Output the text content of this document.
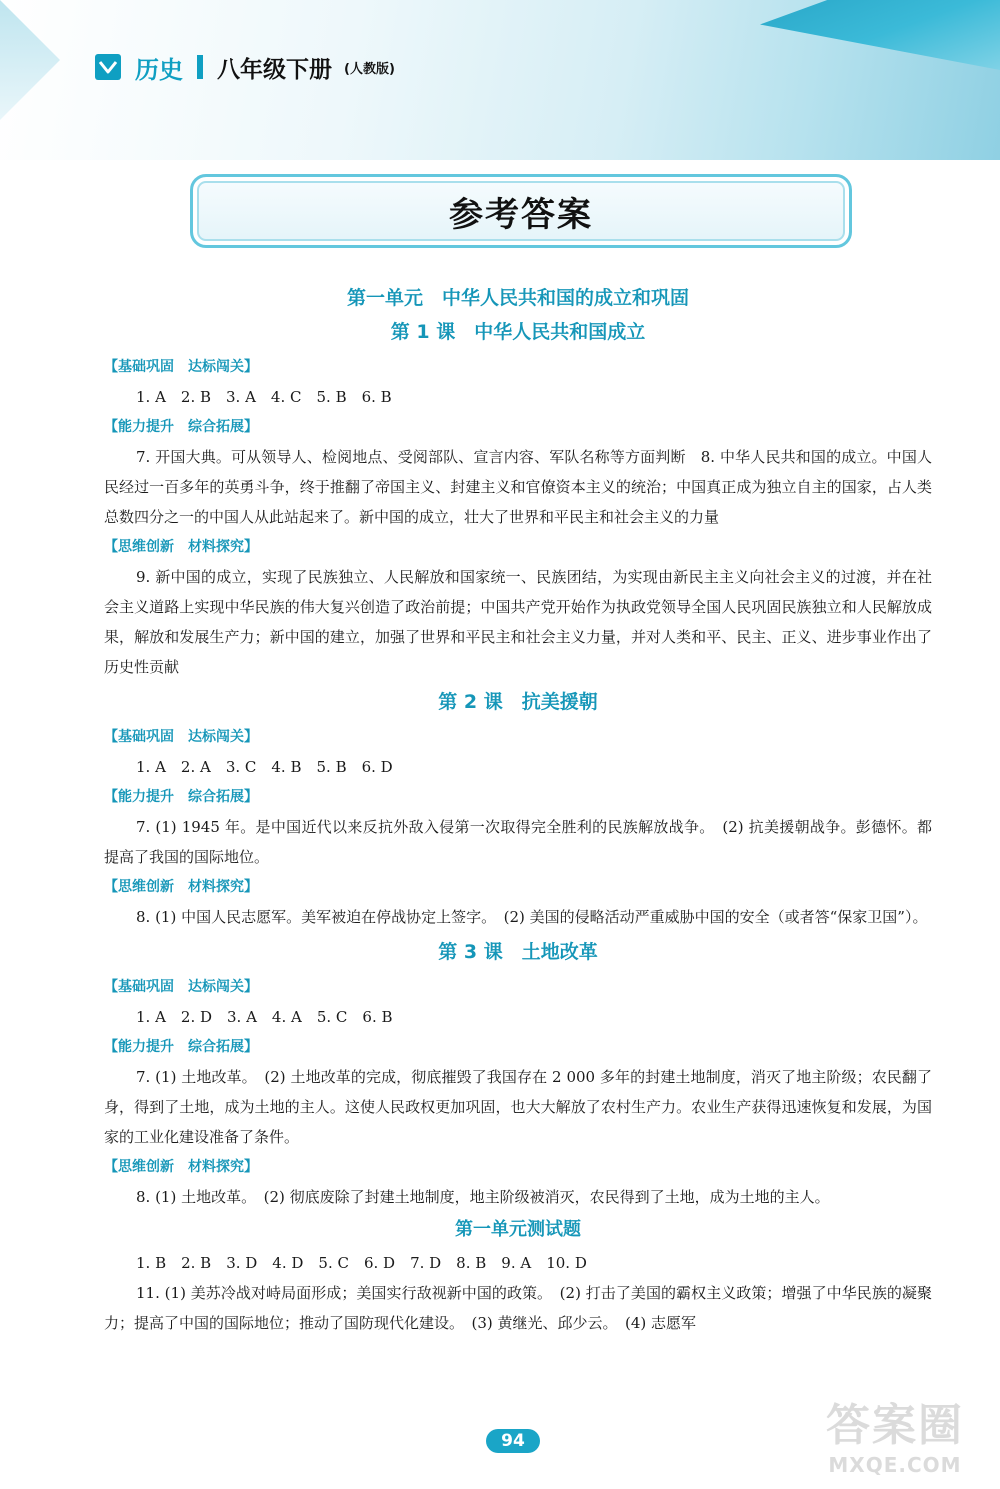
历史 八年级下册 (人教版)
参考答案
第一单元　中华人民共和国的成立和巩固
第 1 课　中华人民共和国成立

【基础巩固　达标闯关】

1. A　2. B　3. A　4. C　5. B　6. B

【能力提升　综合拓展】

7. 开国大典。可从领导人、检阅地点、受阅部队、宣言内容、军队名称等方面判断　8. 中华人民共和国的成立。中国人民经过一百多年的英勇斗争，终于推翻了帝国主义、封建主义和官僚资本主义的统治；中国真正成为独立自主的国家，占人类总数四分之一的中国人从此站起来了。新中国的成立，壮大了世界和平民主和社会主义的力量

【思维创新　材料探究】

9. 新中国的成立，实现了民族独立、人民解放和国家统一、民族团结，为实现由新民主主义向社会主义的过渡，并在社会主义道路上实现中华民族的伟大复兴创造了政治前提；中国共产党开始作为执政党领导全国人民巩固民族独立和人民解放成果，解放和发展生产力；新中国的建立，加强了世界和平民主和社会主义力量，并对人类和平、民主、正义、进步事业作出了历史性贡献

第 2 课　抗美援朝

【基础巩固　达标闯关】

1. A　2. A　3. C　4. B　5. B　6. D

【能力提升　综合拓展】

7. (1) 1945 年。是中国近代以来反抗外敌入侵第一次取得完全胜利的民族解放战争。　(2) 抗美援朝战争。彭德怀。都提高了我国的国际地位。

【思维创新　材料探究】

8. (1) 中国人民志愿军。美军被迫在停战协定上签字。　(2) 美国的侵略活动严重威胁中国的安全（或者答“保家卫国”）。

第 3 课　土地改革

【基础巩固　达标闯关】

1. A　2. D　3. A　4. A　5. C　6. B

【能力提升　综合拓展】

7. (1) 土地改革。　(2) 土地改革的完成，彻底摧毁了我国存在 2 000 多年的封建土地制度，消灭了地主阶级；农民翻了身，得到了土地，成为土地的主人。这使人民政权更加巩固，也大大解放了农村生产力。农业生产获得迅速恢复和发展，为国家的工业化建设准备了条件。

【思维创新　材料探究】

8. (1) 土地改革。　(2) 彻底废除了封建土地制度，地主阶级被消灭，农民得到了土地，成为土地的主人。

第一单元测试题

1. B　2. B　3. D　4. D　5. C　6. D　7. D　8. B　9. A　10. D

11. (1) 美苏冷战对峙局面形成；美国实行敌视新中国的政策。　(2) 打击了美国的霸权主义政策；增强了中华民族的凝聚力；提高了中国的国际地位；推动了国防现代化建设。　(3) 黄继光、邱少云。　(4) 志愿军

94	答案圈
MXQE.COM
